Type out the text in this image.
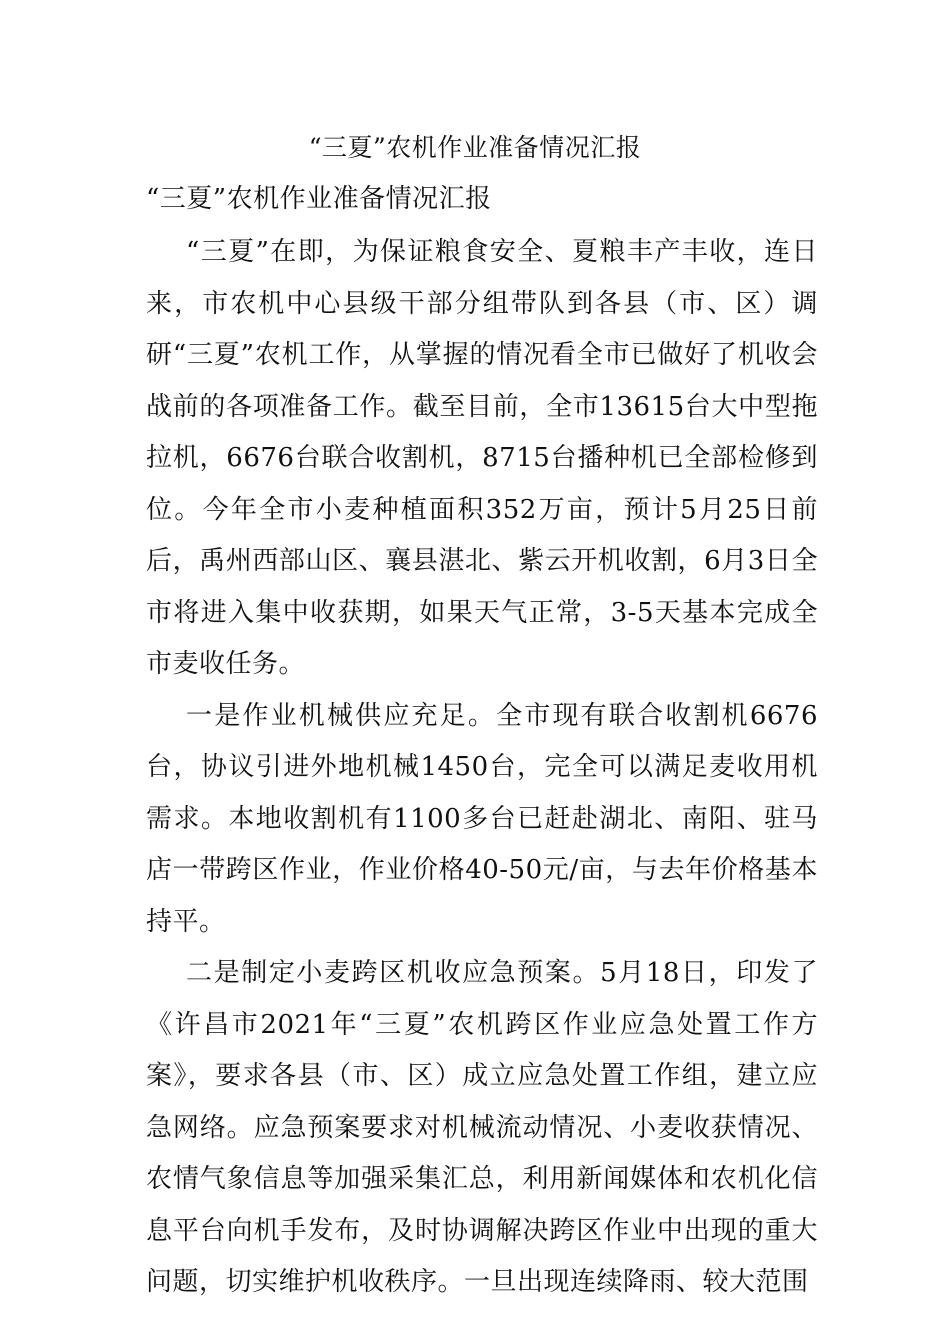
“三夏”农机作业准备情况汇报

“三夏”农机作业准备情况汇报

“三夏”在即，为保证粮食安全、夏粮丰产丰收，连日来，市农机中心县级干部分组带队到各县（市、区）调研“三夏”农机工作，从掌握的情况看全市已做好了机收会战前的各项准备工作。截至目前，全市13615台大中型拖拉机，6676台联合收割机，8715台播种机已全部检修到位。今年全市小麦种植面积352万亩，预计5月25日前后，禹州西部山区、襄县湛北、紫云开机收割，6月3日全市将进入集中收获期，如果天气正常，3-5天基本完成全市麦收任务。

一是作业机械供应充足。全市现有联合收割机6676台，协议引进外地机械1450台，完全可以满足麦收用机需求。本地收割机有1100多台已赶赴湖北、南阳、驻马店一带跨区作业，作业价格40-50元/亩，与去年价格基本持平。

二是制定小麦跨区机收应急预案。5月18日，印发了《许昌市2021年“三夏”农机跨区作业应急处置工作方案》，要求各县（市、区）成立应急处置工作组，建立应急网络。应急预案要求对机械流动情况、小麦收获情况、农情气象信息等加强采集汇总，利用新闻媒体和农机化信息平台向机手发布，及时协调解决跨区作业中出现的重大问题，切实维护机收秩序。一旦出现连续降雨、较大范围
